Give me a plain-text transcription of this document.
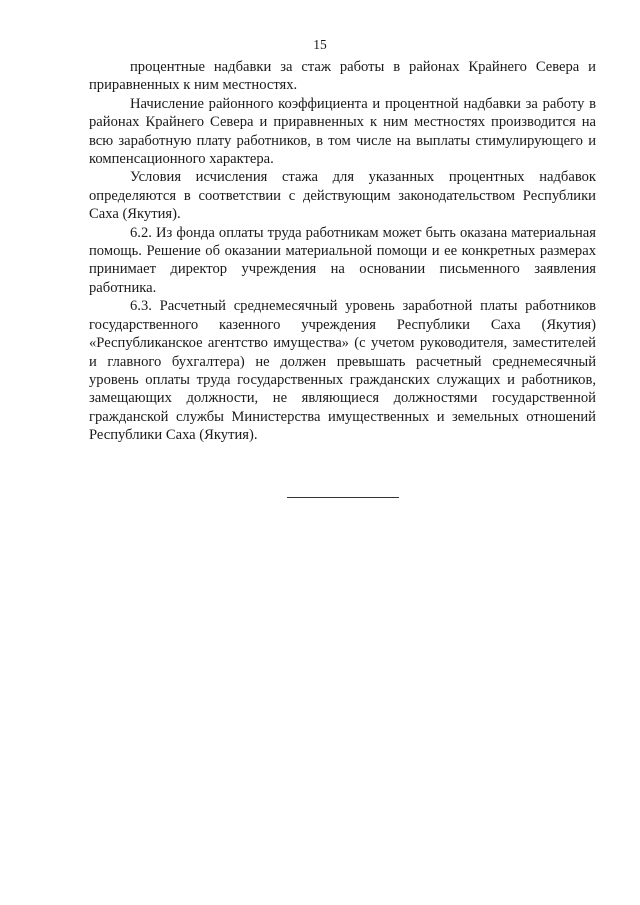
15

процентные надбавки за стаж работы в районах Крайнего Севера и приравненных к ним местностях.

Начисление районного коэффициента и процентной надбавки за работу в районах Крайнего Севера и приравненных к ним местностях производится на всю заработную плату работников, в том числе на выплаты стимулирующего и компенсационного характера.

Условия исчисления стажа для указанных процентных надбавок определяются в соответствии с действующим законодательством Республики Саха (Якутия).

6.2. Из фонда оплаты труда работникам может быть оказана материальная помощь. Решение об оказании материальной помощи и ее конкретных размерах принимает директор учреждения на основании письменного заявления работника.

6.3. Расчетный среднемесячный уровень заработной платы работников государственного казенного учреждения Республики Саха (Якутия) «Республиканское агентство имущества» (с учетом руководителя, заместителей и главного бухгалтера) не должен превышать расчетный среднемесячный уровень оплаты труда государственных гражданских служащих и работников, замещающих должности, не являющиеся должностями государственной гражданской службы Министерства имущественных и земельных отношений Республики Саха (Якутия).
